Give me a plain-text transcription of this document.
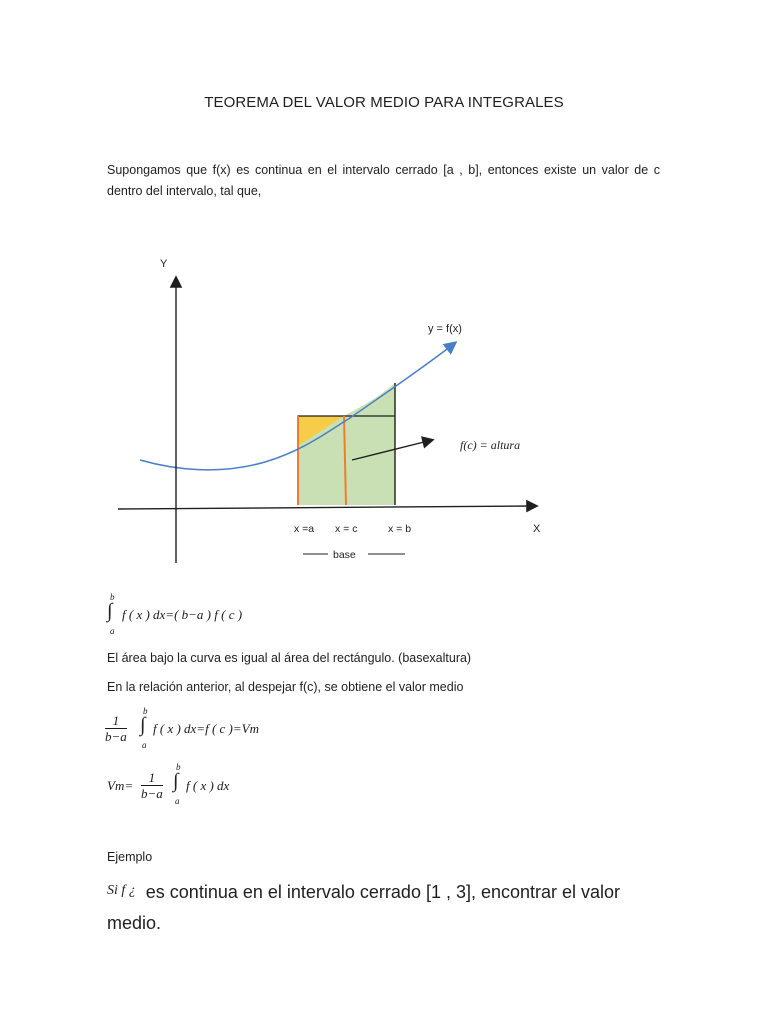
TEOREMA DEL VALOR MEDIO PARA INTEGRALES
Supongamos que f(x) es continua en el intervalo cerrado [a , b], entonces existe un valor de c dentro del intervalo, tal que,
Y
X
y = f(x)
f(c) = altura
x =a x = c	x = b
base
b
∫
a
f ( x ) dx=( b−a ) f ( c )
El área bajo la curva es igual al área del rectángulo. (basexaltura)
En la relación anterior, al despejar f(c), se obtiene el valor medio
$\frac{1}{b-a}$
b
∫
a
f ( x ) dx=f ( c )=Vm
$Vm= \frac{1}{b-a}$
b
∫
a
f ( x ) dx
Ejemplo
$^{Si f ¿}$ es continua en el intervalo cerrado [1 , 3], encontrar el valor medio.
